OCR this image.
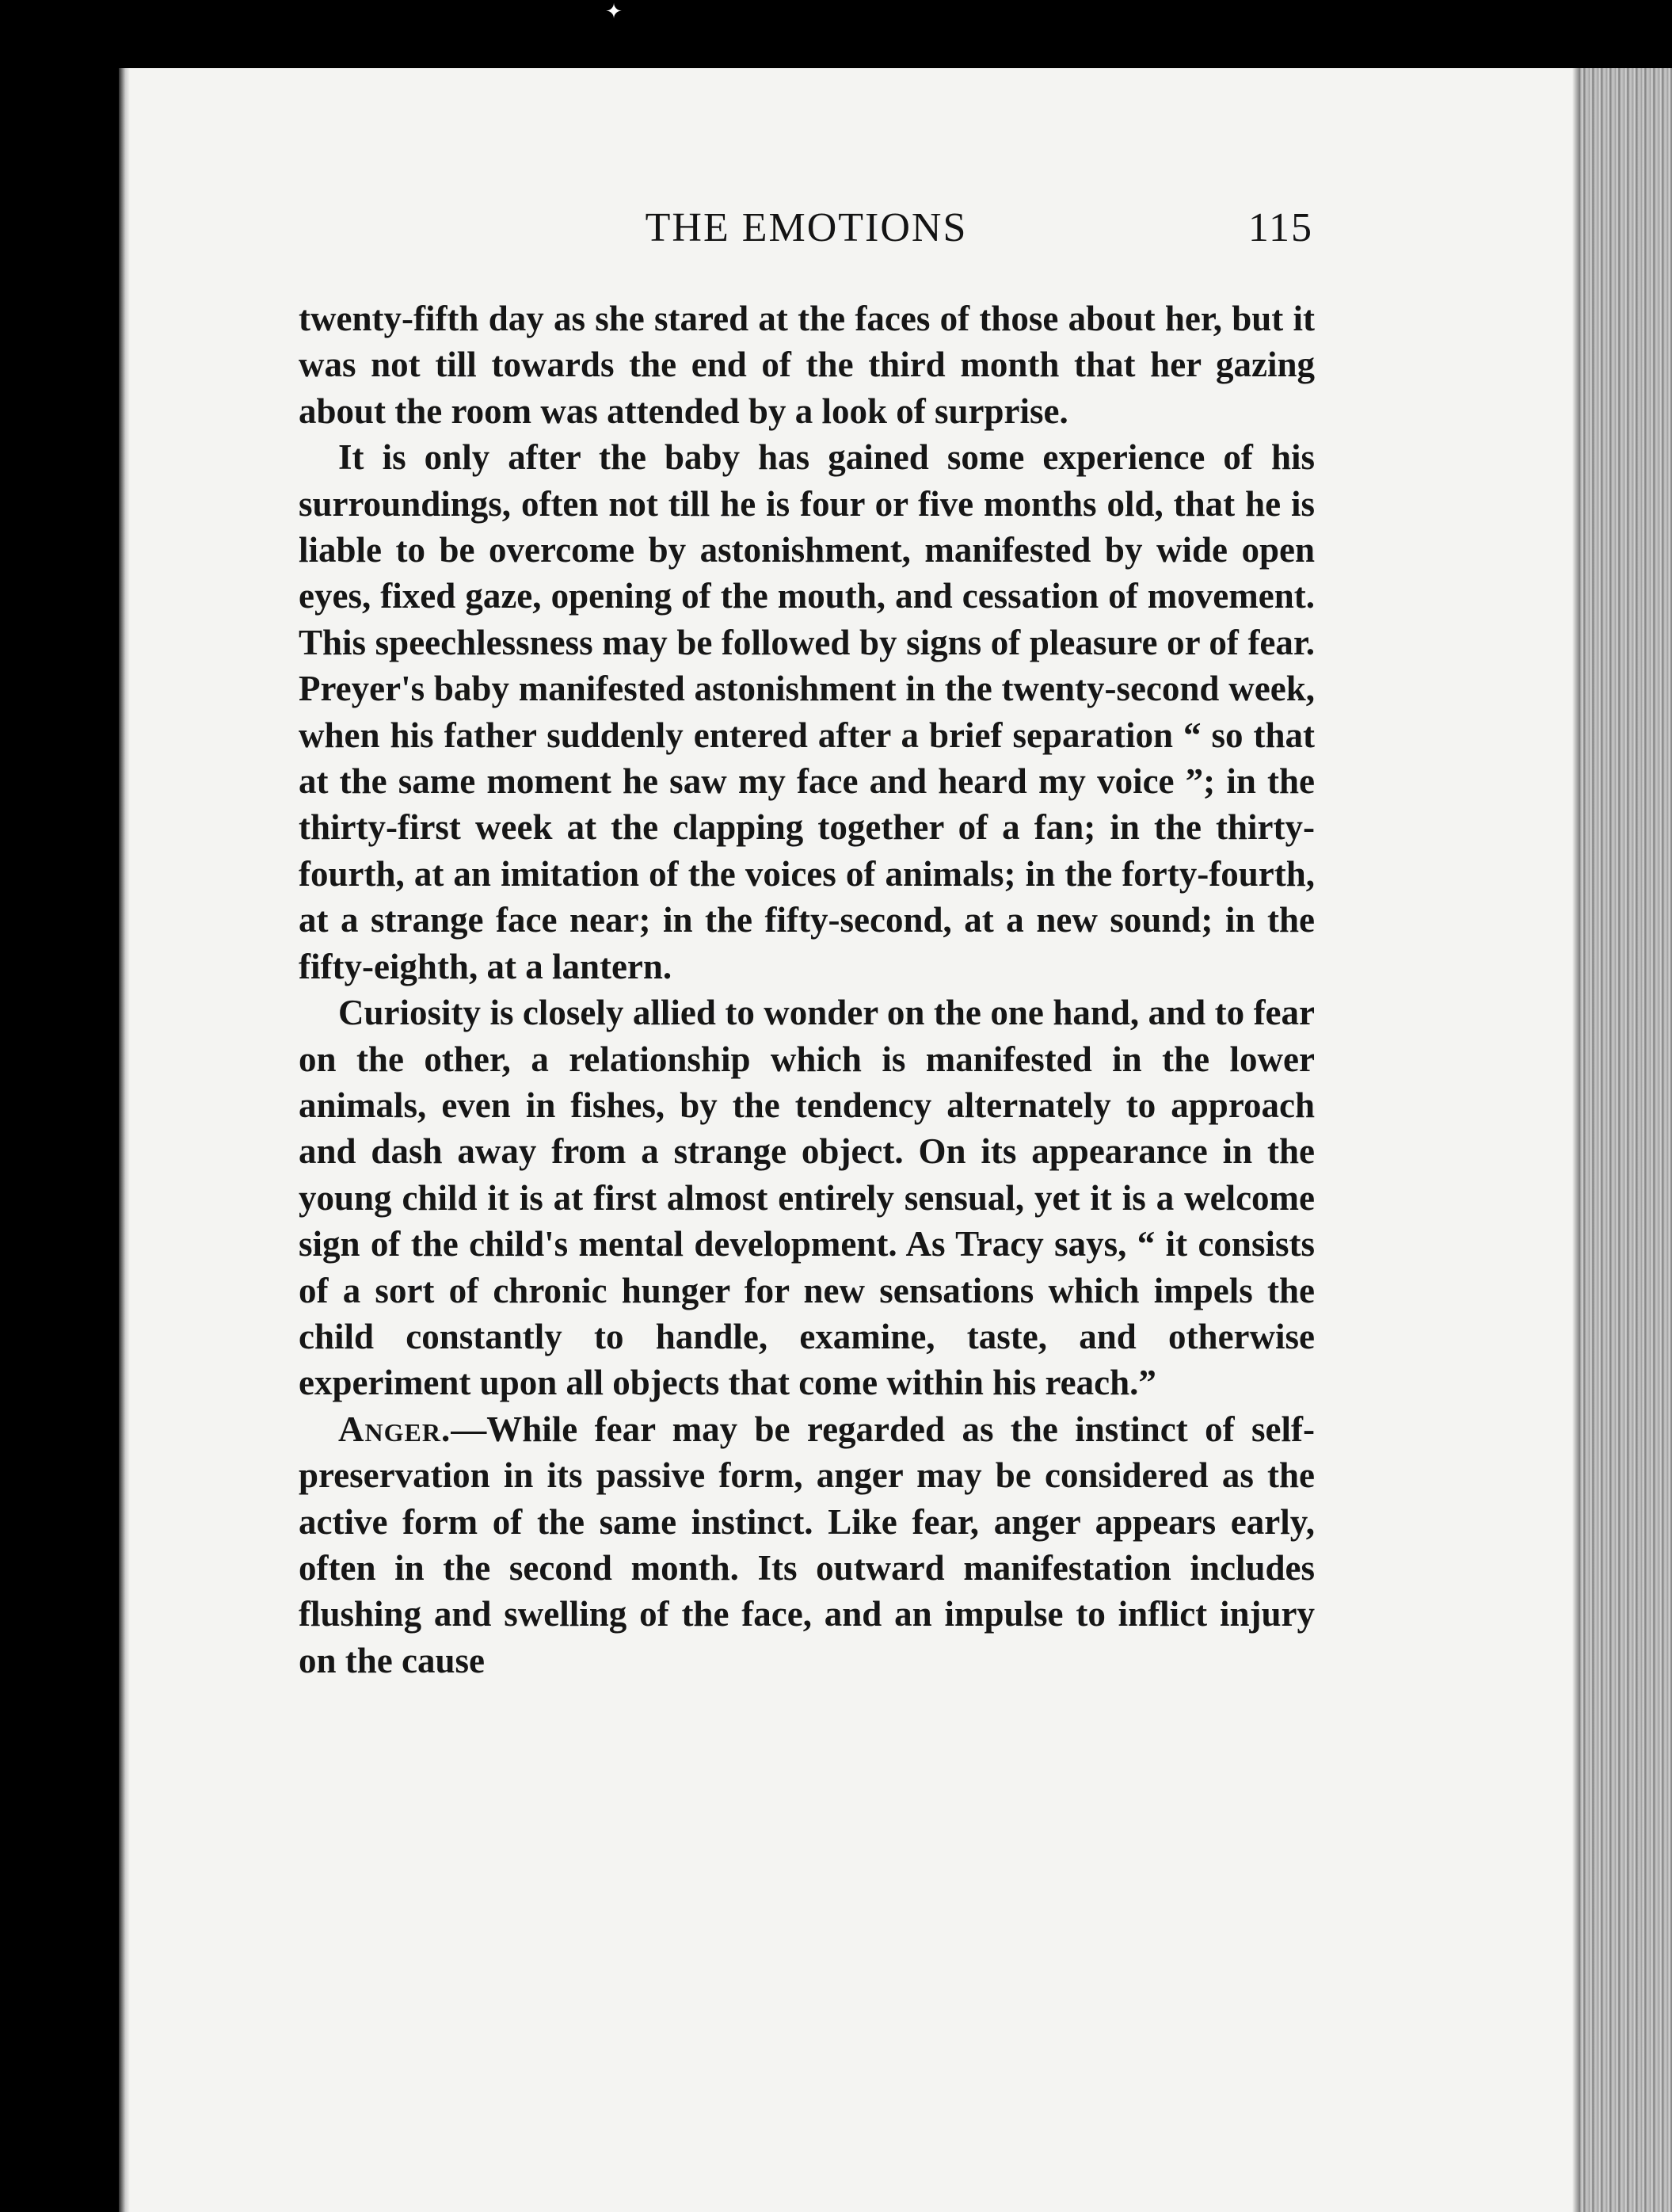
✦
THE EMOTIONS	115

twenty-fifth day as she stared at the faces of those about her, but it was not till towards the end of the third month that her gazing about the room was attended by a look of surprise.

It is only after the baby has gained some experience of his surroundings, often not till he is four or five months old, that he is liable to be overcome by astonishment, manifested by wide open eyes, fixed gaze, opening of the mouth, and cessation of movement. This speechlessness may be followed by signs of pleasure or of fear. Preyer's baby manifested astonishment in the twenty-second week, when his father suddenly entered after a brief separation “ so that at the same moment he saw my face and heard my voice ”; in the thirty-first week at the clapping together of a fan; in the thirty-fourth, at an imitation of the voices of animals; in the forty-fourth, at a strange face near; in the fifty-second, at a new sound; in the fifty-eighth, at a lantern.

Curiosity is closely allied to wonder on the one hand, and to fear on the other, a relationship which is manifested in the lower animals, even in fishes, by the tendency alternately to approach and dash away from a strange object. On its appearance in the young child it is at first almost entirely sensual, yet it is a welcome sign of the child's mental development. As Tracy says, “ it consists of a sort of chronic hunger for new sensations which impels the child constantly to handle, examine, taste, and otherwise experiment upon all objects that come within his reach.”

Anger.—While fear may be regarded as the instinct of self-preservation in its passive form, anger may be considered as the active form of the same instinct. Like fear, anger appears early, often in the second month. Its outward manifestation includes flushing and swelling of the face, and an impulse to inflict injury on the cause
